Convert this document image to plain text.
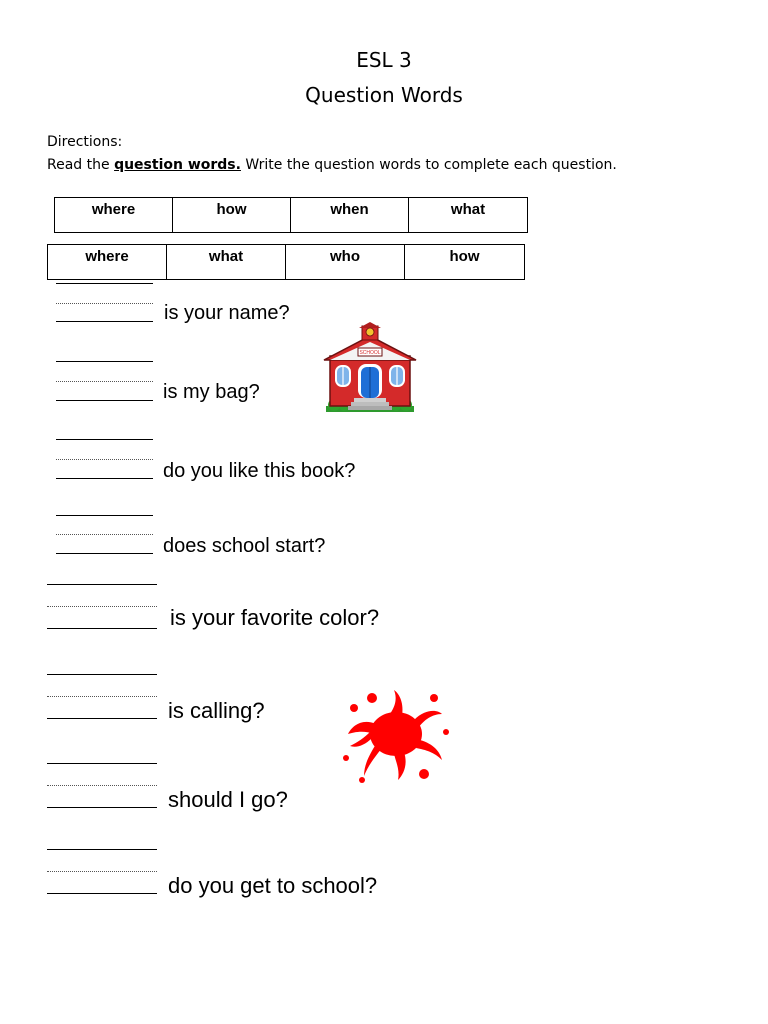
ESL 3
Question Words
Directions:
Read the question words. Write the question words to complete each question.
where	how	when	what
where	what	who	how
is your name?
is my bag?
do you like this book?
does school start?
is your favorite color?
is calling?
should I go?
do you get to school?
SCHOOL
